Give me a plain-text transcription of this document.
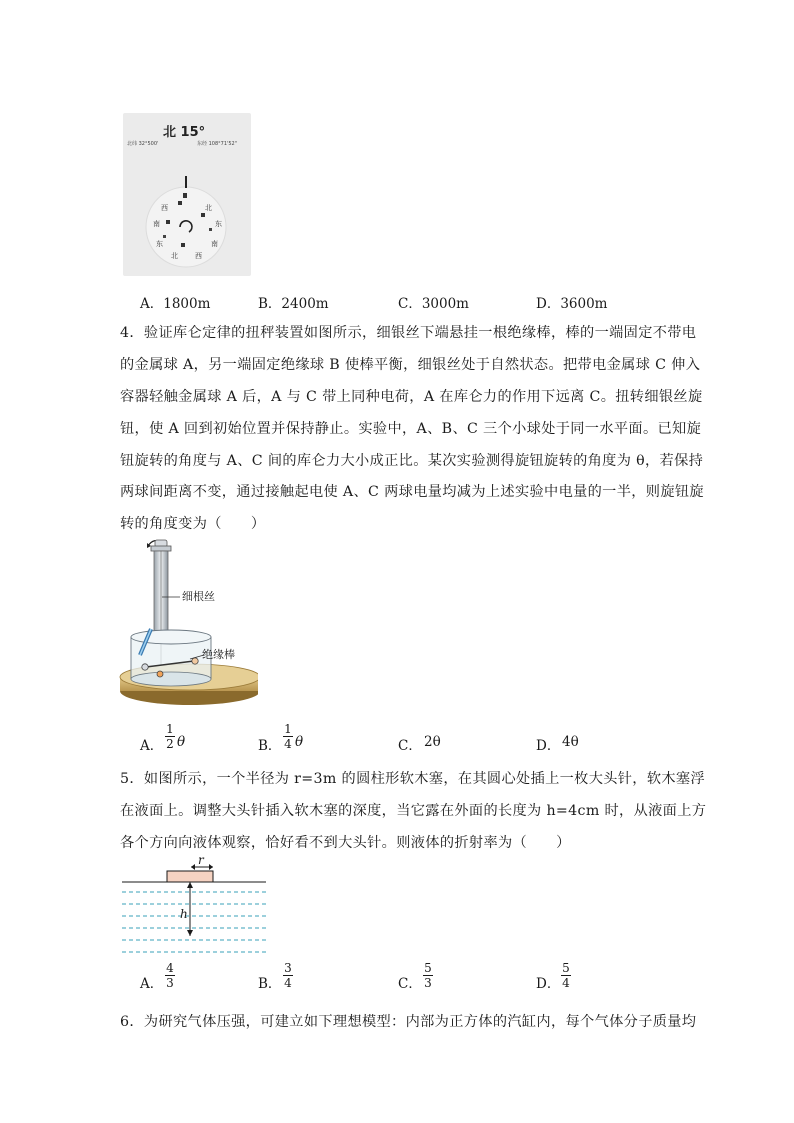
北 15°
北纬 32°500'	东经 108°71'52"
东
南
西
北
东
南
西	北
A．1800m	B．2400m	C．3000m	D．3600m
4．验证库仑定律的扭秤装置如图所示，细银丝下端悬挂一根绝缘棒，棒的一端固定不带电
的金属球 A，另一端固定绝缘球 B 使棒平衡，细银丝处于自然状态。把带电金属球 C 伸入
容器轻触金属球 A 后，A 与 C 带上同种电荷，A 在库仑力的作用下远离 C。扭转细银丝旋
钮，使 A 回到初始位置并保持静止。实验中，A、B、C 三个小球处于同一水平面。已知旋
钮旋转的角度与 A、C 间的库仑力大小成正比。某次实验测得旋钮旋转的角度为 θ，若保持
两球间距离不变，通过接触起电使 A、C 两球电量均减为上述实验中电量的一半，则旋钮旋
转的角度变为（　　）
细根丝
绝缘棒
A．
1
2 θ	B．
1
4 θ	C． 2θ	D． 4θ
5．如图所示，一个半径为 r=3m 的圆柱形软木塞，在其圆心处插上一枚大头针，软木塞浮
在液面上。调整大头针插入软木塞的深度，当它露在外面的长度为 h=4cm 时，从液面上方
各个方向向液体观察，恰好看不到大头针。则液体的折射率为（　　）
r
h
A．
4
3	B．
3
4	C．
5
3	D．
5
4
6．为研究气体压强，可建立如下理想模型：内部为正方体的汽缸内，每个气体分子质量均
